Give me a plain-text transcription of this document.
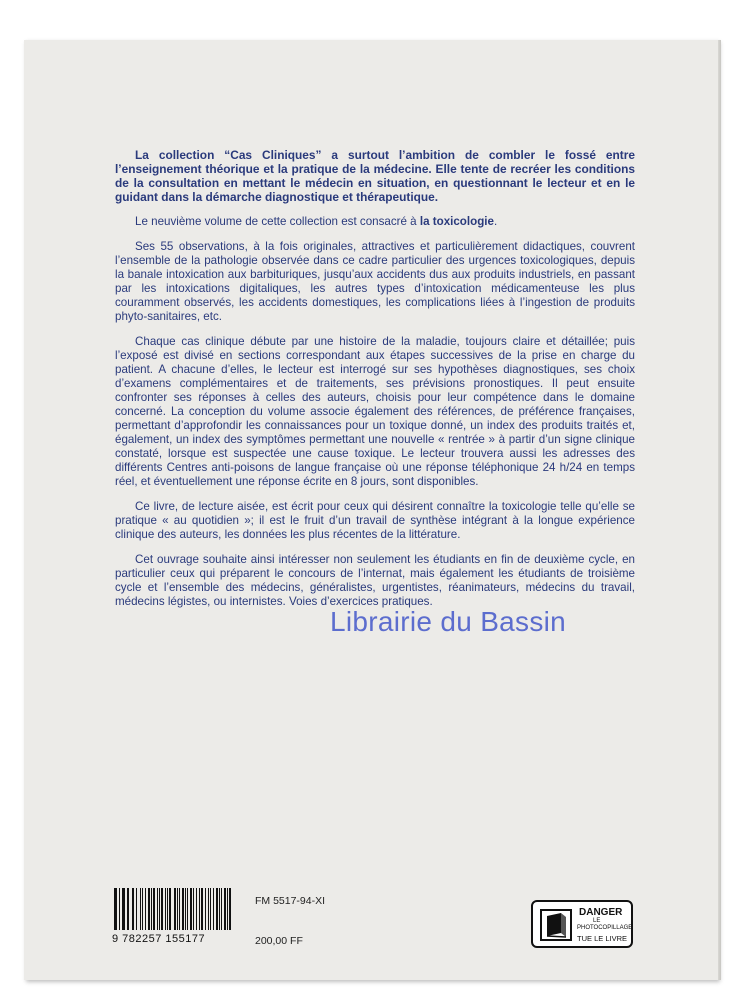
La collection “Cas Cliniques” a surtout l’ambition de combler le fossé entre l’enseignement théorique et la pratique de la médecine. Elle tente de recréer les conditions de la consultation en mettant le médecin en situation, en questionnant le lecteur et en le guidant dans la démarche diagnostique et thérapeutique.

Le neuvième volume de cette collection est consacré à la toxicologie.

Ses 55 observations, à la fois originales, attractives et particulièrement didactiques, couvrent l’ensemble de la pathologie observée dans ce cadre particulier des urgences toxicologiques, depuis la banale intoxication aux barbituriques, jusqu’aux accidents dus aux produits industriels, en passant par les intoxications digitaliques, les autres types d’intoxication médicamenteuse les plus couramment observés, les accidents domestiques, les complications liées à l’ingestion de produits phyto-sanitaires, etc.

Chaque cas clinique débute par une histoire de la maladie, toujours claire et détaillée; puis l’exposé est divisé en sections correspondant aux étapes successives de la prise en charge du patient. A chacune d’elles, le lecteur est interrogé sur ses hypothèses diagnostiques, ses choix d’examens complémentaires et de traitements, ses prévisions pronostiques. Il peut ensuite confronter ses réponses à celles des auteurs, choisis pour leur compétence dans le domaine concerné. La conception du volume associe également des références, de préférence françaises, permettant d’approfondir les connaissances pour un toxique donné, un index des produits traités et, également, un index des symptômes permettant une nouvelle « rentrée » à partir d’un signe clinique constaté, lorsque est suspectée une cause toxique. Le lecteur trouvera aussi les adresses des différents Centres anti-poisons de langue française où une réponse téléphonique 24 h/24 en temps réel, et éventuellement une réponse écrite en 8 jours, sont disponibles.

Ce livre, de lecture aisée, est écrit pour ceux qui désirent connaître la toxicologie telle qu’elle se pratique « au quotidien »; il est le fruit d’un travail de synthèse intégrant à la longue expérience clinique des auteurs, les données les plus récentes de la littérature.

Cet ouvrage souhaite ainsi intéresser non seulement les étudiants en fin de deuxième cycle, en particulier ceux qui préparent le concours de l’internat, mais également les étudiants de troisième cycle et l’ensemble des médecins, généralistes, urgentistes, réanimateurs, médecins du travail, médecins légistes, ou internistes. Voies d’exercices pratiques.

Librairie du Bassin
9 782257 155177
FM 5517-94-XI
200,00 FF
DANGER
LE
PHOTOCOPILLAGE
TUE LE LIVRE
